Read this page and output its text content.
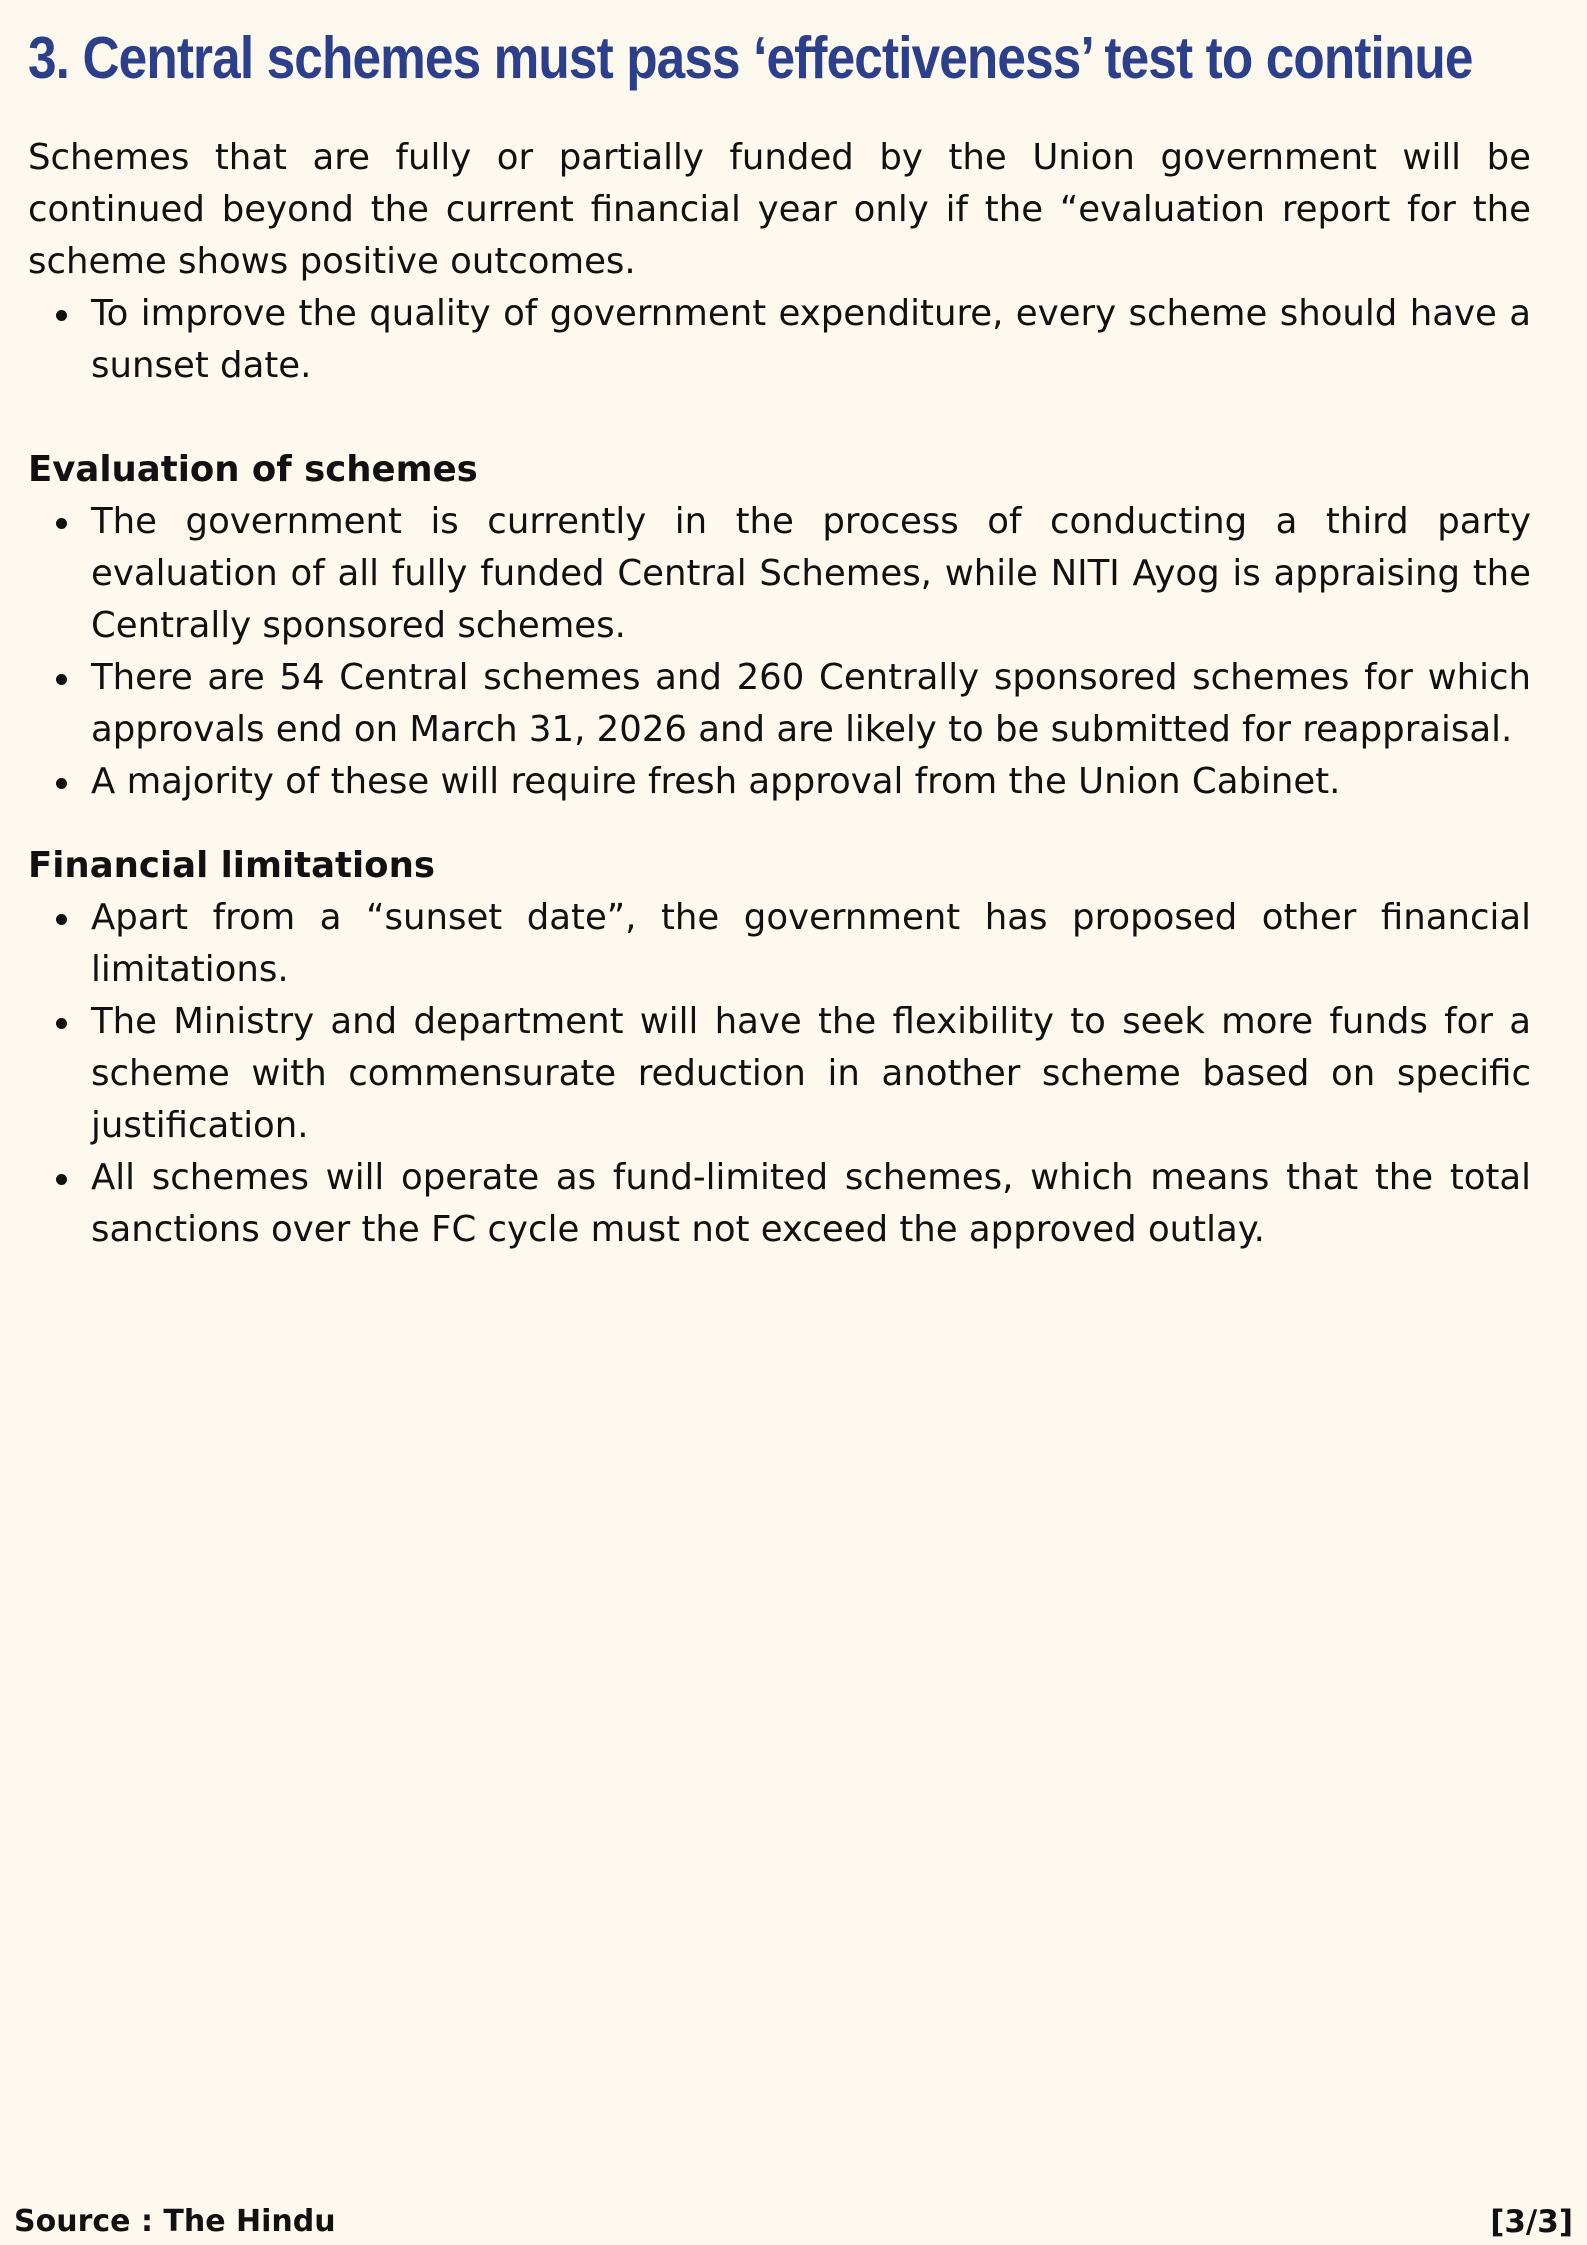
3. Central schemes must pass ‘effectiveness’ test to continue

Schemes that are fully or partially funded by the Union government will be continued beyond the current financial year only if the “evaluation report for the scheme shows positive outcomes.

To improve the quality of government expenditure, every scheme should have a sunset date.
Evaluation of schemes
The government is currently in the process of conducting a third party evaluation of all fully funded Central Schemes, while NITI Ayog is appraising the Centrally sponsored schemes.
There are 54 Central schemes and 260 Centrally sponsored schemes for which approvals end on March 31, 2026 and are likely to be submitted for reappraisal.
A majority of these will require fresh approval from the Union Cabinet.
Financial limitations
Apart from a “sunset date”, the government has proposed other financial limitations.
The Ministry and department will have the flexibility to seek more funds for a scheme with commensurate reduction in another scheme based on specific justification.
All schemes will operate as fund-limited schemes, which means that the total sanctions over the FC cycle must not exceed the approved outlay.
Source : The Hindu	[3/3]
